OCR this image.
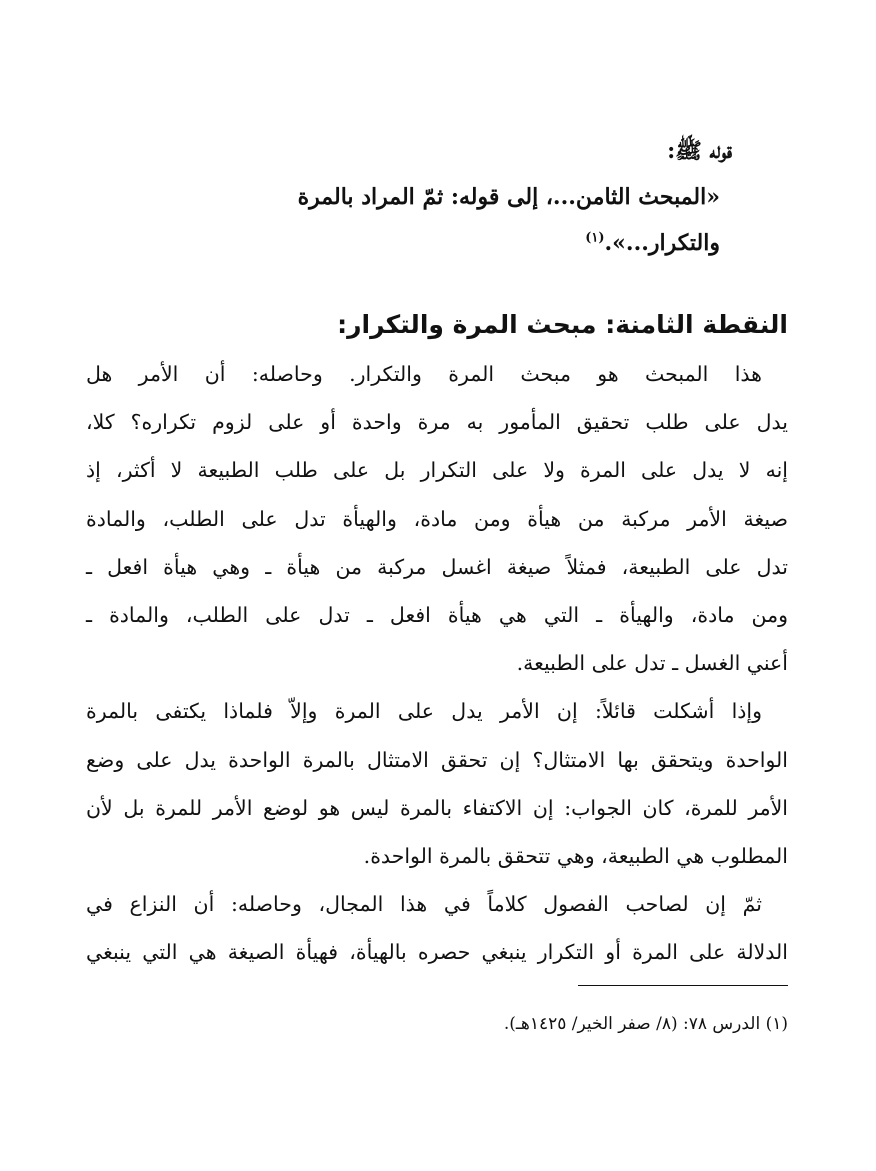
قوله ﷺ:
«المبحث الثامن...، إلى قوله: ثمّ المراد بالمرة
والتكرار...».$^{(١)}$
النقطة الثامنة: مبحث المرة والتكرار:
هذا المبحث هو مبحث المرة والتكرار. وحاصله: أن الأمر هل
يدل على طلب تحقيق المأمور به مرة واحدة أو على لزوم تكراره؟ كلا،
إنه لا يدل على المرة ولا على التكرار بل على طلب الطبيعة لا أكثر، إذ
صيغة الأمر مركبة من هيأة ومن مادة، والهيأة تدل على الطلب، والمادة
تدل على الطبيعة، فمثلاً صيغة اغسل مركبة من هيأة ـ وهي هيأة افعل ـ
ومن مادة، والهيأة ـ التي هي هيأة افعل ـ تدل على الطلب، والمادة ـ
أعني الغسل ـ تدل على الطبيعة.
وإذا أشكلت قائلاً: إن الأمر يدل على المرة وإلاّ فلماذا يكتفى بالمرة
الواحدة ويتحقق بها الامتثال؟ إن تحقق الامتثال بالمرة الواحدة يدل على وضع
الأمر للمرة، كان الجواب: إن الاكتفاء بالمرة ليس هو لوضع الأمر للمرة بل لأن
المطلوب هي الطبيعة، وهي تتحقق بالمرة الواحدة.
ثمّ إن لصاحب الفصول كلاماً في هذا المجال، وحاصله: أن النزاع في
الدلالة على المرة أو التكرار ينبغي حصره بالهيأة، فهيأة الصيغة هي التي ينبغي
(١) الدرس ٧٨: (٨/ صفر الخير/ ١٤٢٥هـ).
